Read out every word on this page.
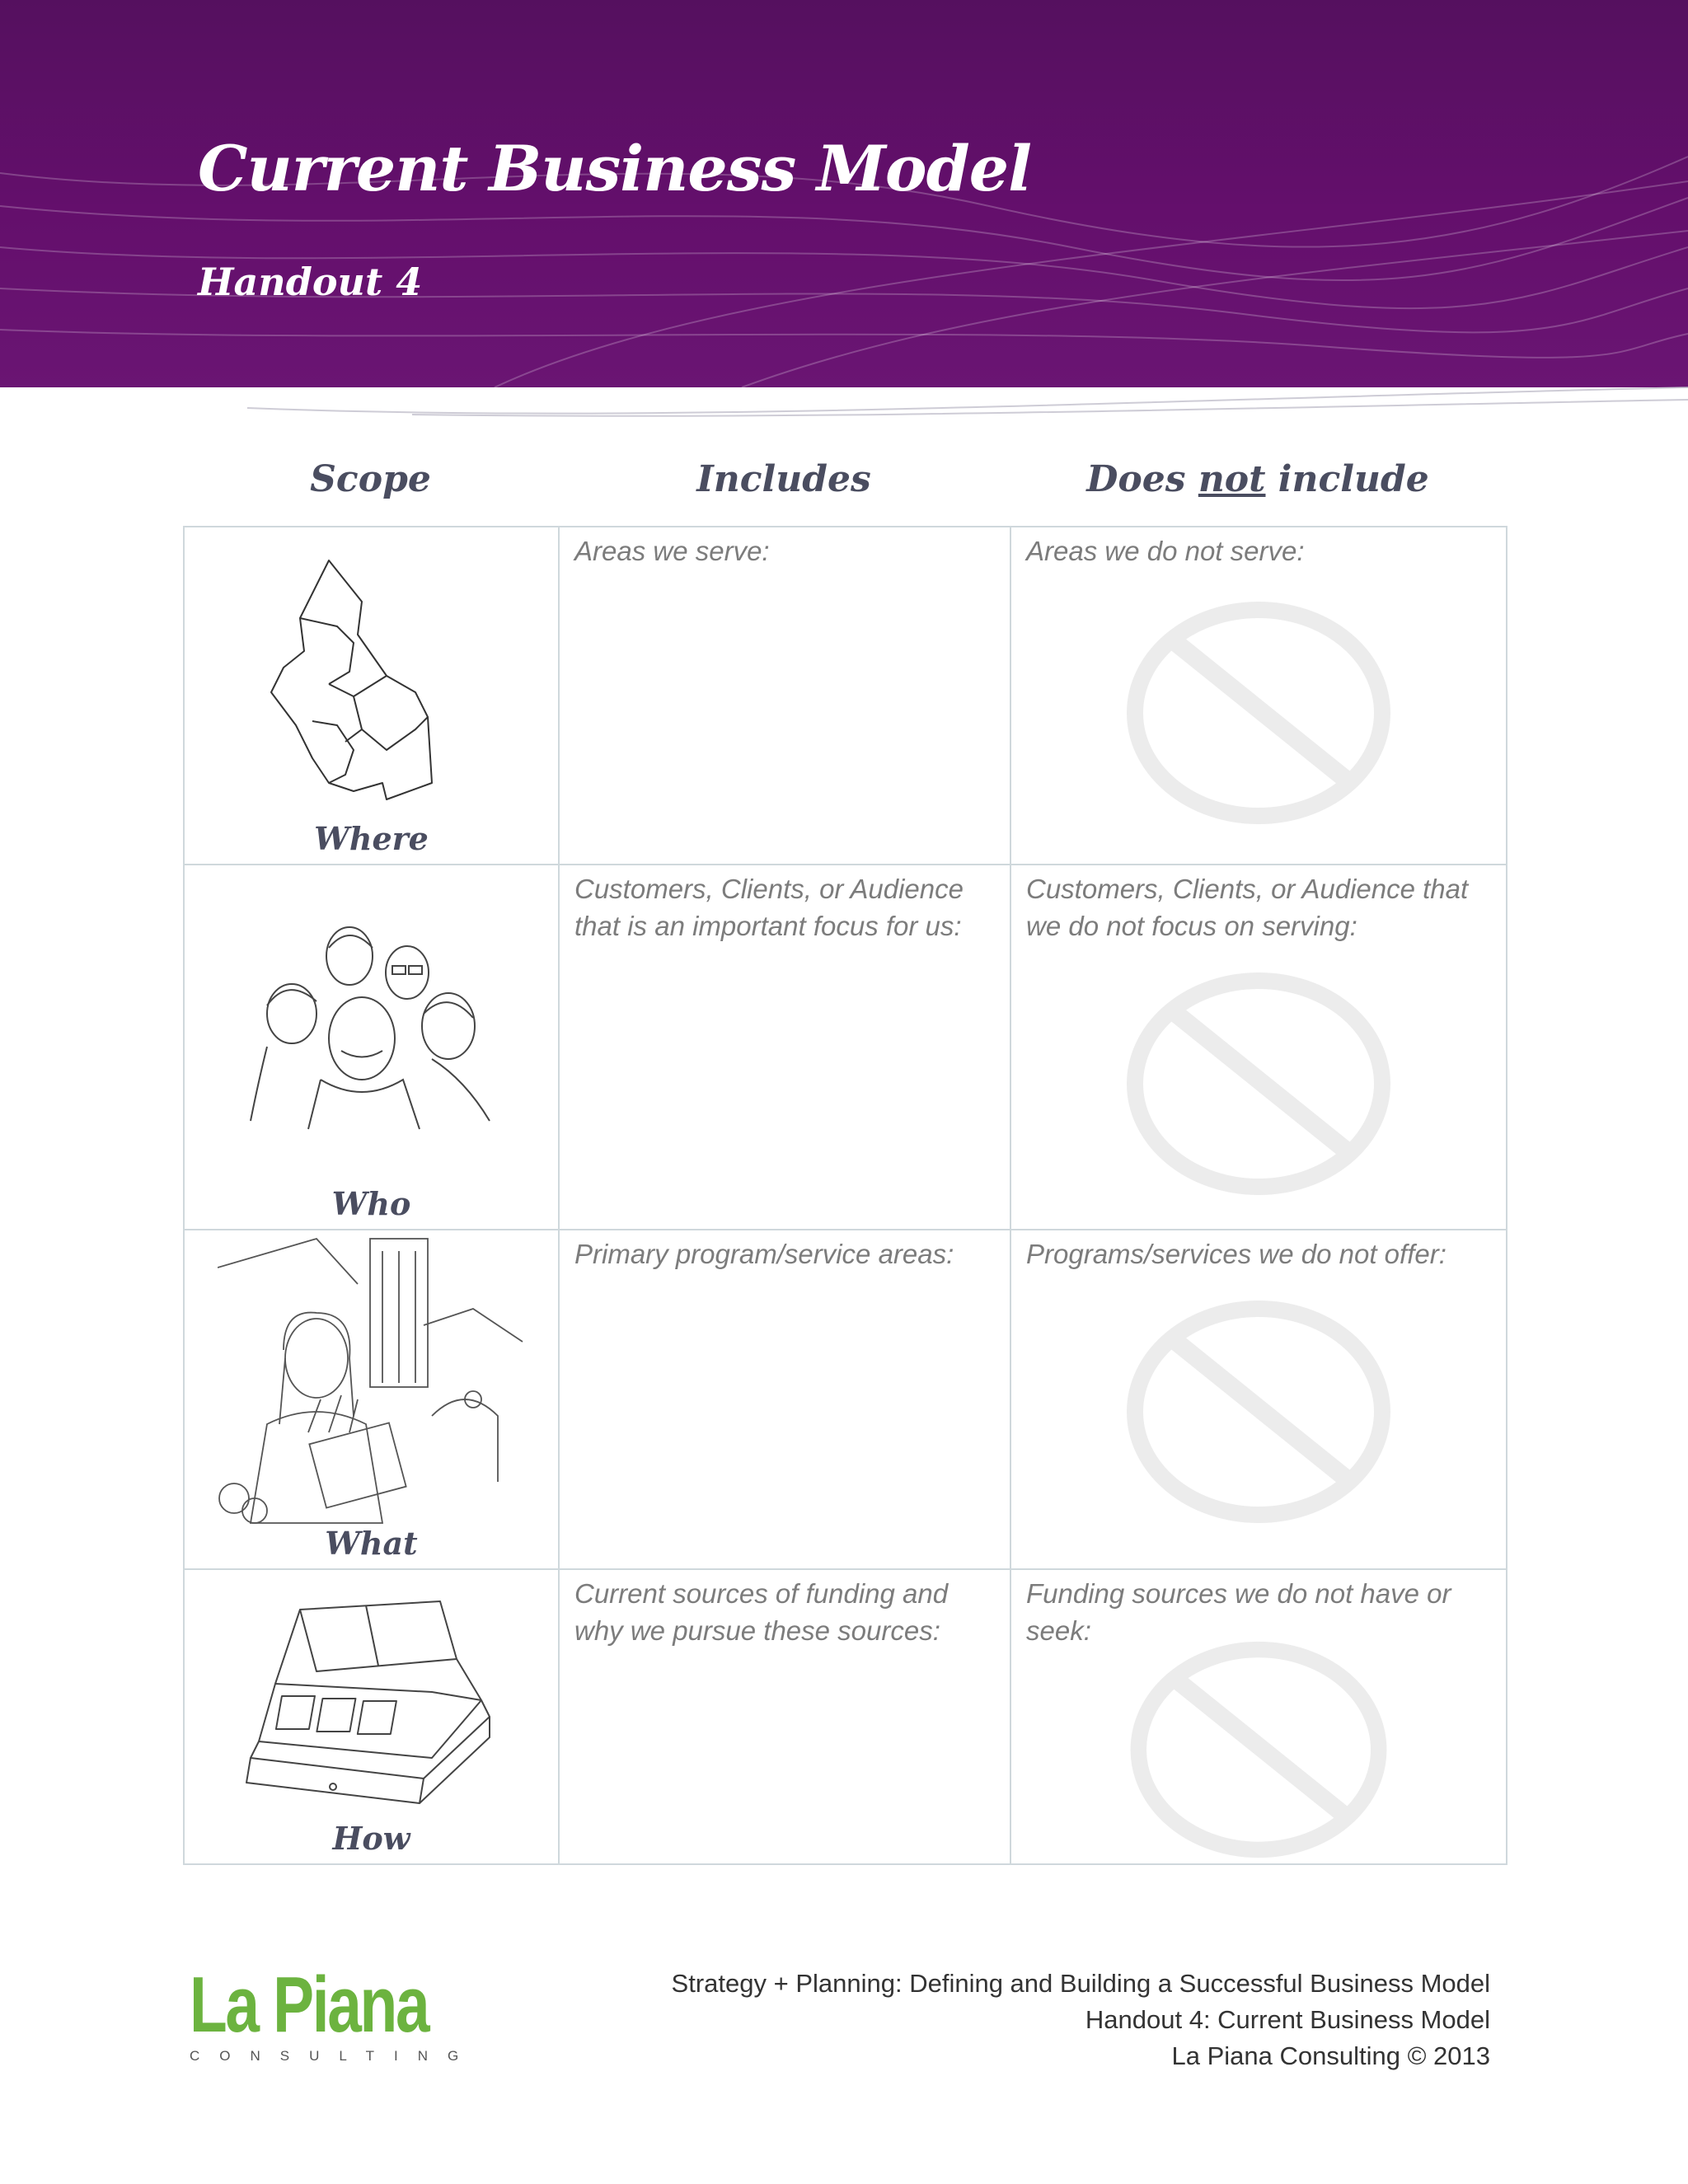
Current Business Model
Handout 4
Scope	Includes	Does not include
Where	Areas we serve:	Areas we do not serve:

Who	Customers, Clients, or Audience that is an important focus for us:	Customers, Clients, or Audience that we do not focus on serving:

What	Primary program/service areas:	Programs/services we do not offer:

How	Current sources of funding and why we pursue these sources:	Funding sources we do not have or seek:
La Piana
CONSULTING
Strategy + Planning: Defining and Building a Successful Business Model
Handout 4: Current Business Model
La Piana Consulting © 2013
